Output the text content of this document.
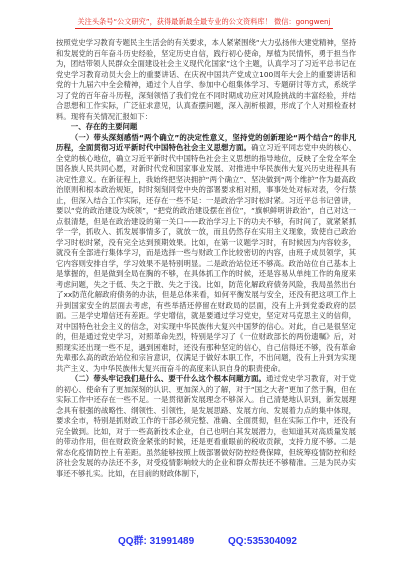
关注头条号“公文研究”，获得最新最全最专业的公文资料库！ 微信：gongwenj

按照党史学习教育专题民主生活会的有关要求，本人紧紧围绕“大力弘扬伟大建党精神，坚持和发展党的百年奋斗历史经验，坚定历史自信，践行初心使命，厚植为民情怀，勇于担当作为，团结带领人民群众全面建设社会主义现代化国家”这个主题，认真学习了习近平总书记在党史学习教育动员大会上的重要讲话、在庆祝中国共产党成立100周年大会上的重要讲话和党的十九届六中全会精神，通过个人自学、参加中心组集体学习、专题研讨等方式，系统学习了党的百年奋斗历程，深刻领悟了我们党在不同时期成功应对风险挑战的丰富经验，并结合思想和工作实际，广泛征求意见，认真查摆问题，深入剖析根源，形成了个人对照检查材料。现将有关情况汇报如下：

一、存在的主要问题

（一）带头深刻感悟“两个确立”的决定性意义，坚持党的创新理论“两个结合”的非凡历程，全面贯彻习近平新时代中国特色社会主义思想方面。确立习近平同志党中央的核心、全党的核心地位，确立习近平新时代中国特色社会主义思想的指导地位，反映了全党全军全国各族人民共同心愿，对新时代党和国家事业发展、对推进中华民族伟大复兴历史进程具有决定性意义。在新征程上，我始终把坚决拥护“两个确立”、坚决做到“两个维护”作为最高政治原则和根本政治规矩，时时刻刻同党中央的部署要求相对照，事事处处对标对表，令行禁止，但深入结合工作实际，还存在一些不足：一是政治学习时松时紧。习近平总书记曾讲，要以“党的政治建设为统领”，“把党的政治建设摆在首位”，“旗帜鲜明讲政治”，自己对这一点很清楚，但是在政治建设的第一关口——政治学习上下的功夫不够，有时间了，就紧紧抓学一学，抓收入、抓发展事情多了，就放一放，而且仍然存在实用主义现象，致使自己政治学习时松时紧，没有完全达到预期效果。比如，在第一议题学习时，有时候因为内容较多，就没有全部进行集体学习，而是选择一些与财政工作比较密切的内容，由班子成员领学，其它内容则安排自学，学习效果不是特别明显。二是政治站位还不够高。政治站位自己基本上是掌握的，但是做到全局在胸的不够，在具体抓工作的时候，还是容易从单纯工作的角度来考虑问题，失之于低、失之于散、失之于浅。比如，防范化解政府债务风险，我局虽然出台了xx防范化解政府债务的办法，但是总体来看，如何平衡发展与安全，还没有把这项工作上升到国家安全的层面去考虑，有些举措还停留在财政局的层面，没有上升到党委政府的层面。三是学史增信还有差距。学史增信，就是要通过学习党史，坚定对马克思主义的信仰，对中国特色社会主义的信念，对实现中华民族伟大复兴中国梦的信心。对此，自己是很坚定的，但是通过党史学习，对照革命先烈，特别是学习了《一位财政部长的两份遗嘱》后，对照现实还出现一些不足，遇到困难时，还没有那种坚定的信心，自己信得还不够，没有革命先辈那么高的政治站位和宗旨意识，仅满足于做好本职工作，不出问题，没有上升到为实现共产主义、为中华民族伟大复兴而奋斗的高度来认识自身的职责使命。

（二）带头牢记我们是什么、要干什么这个根本问题方面。通过党史学习教育，对于党的初心、使命有了更加深刻的认识、更加深入的了解，对于“国之大者”更加了然于胸，但在实际工作中还存在一些不足。一是贯彻新发展理念不够深入。自己清楚地认识到，新发展理念具有很强的战略性、纲领性、引领性，是发展思路、发展方向、发展着力点的集中体现，要求全市，特别是抓财政工作的干部必须完整、准确、全面贯彻，但在实际工作中，还没有完全做到。比如，对于一些高新技术企业，自己也明白其发展潜力，也知道其对高质量发展的带动作用，但在财政资金紧张的时候，还是更看重眼前的税收贡献，支持力度不够。二是常态化疫情防控上有差距。虽然能够按照上级部署做好防控经费保障，但统筹疫情防控和经济社会发展的办法还不多，对受疫情影响较大的企业和群众帮扶还不够精准。三是为民办实事还不够扎实。比如，在目前的财政体制下，

QQ群: 31991489	QQ:535304092
